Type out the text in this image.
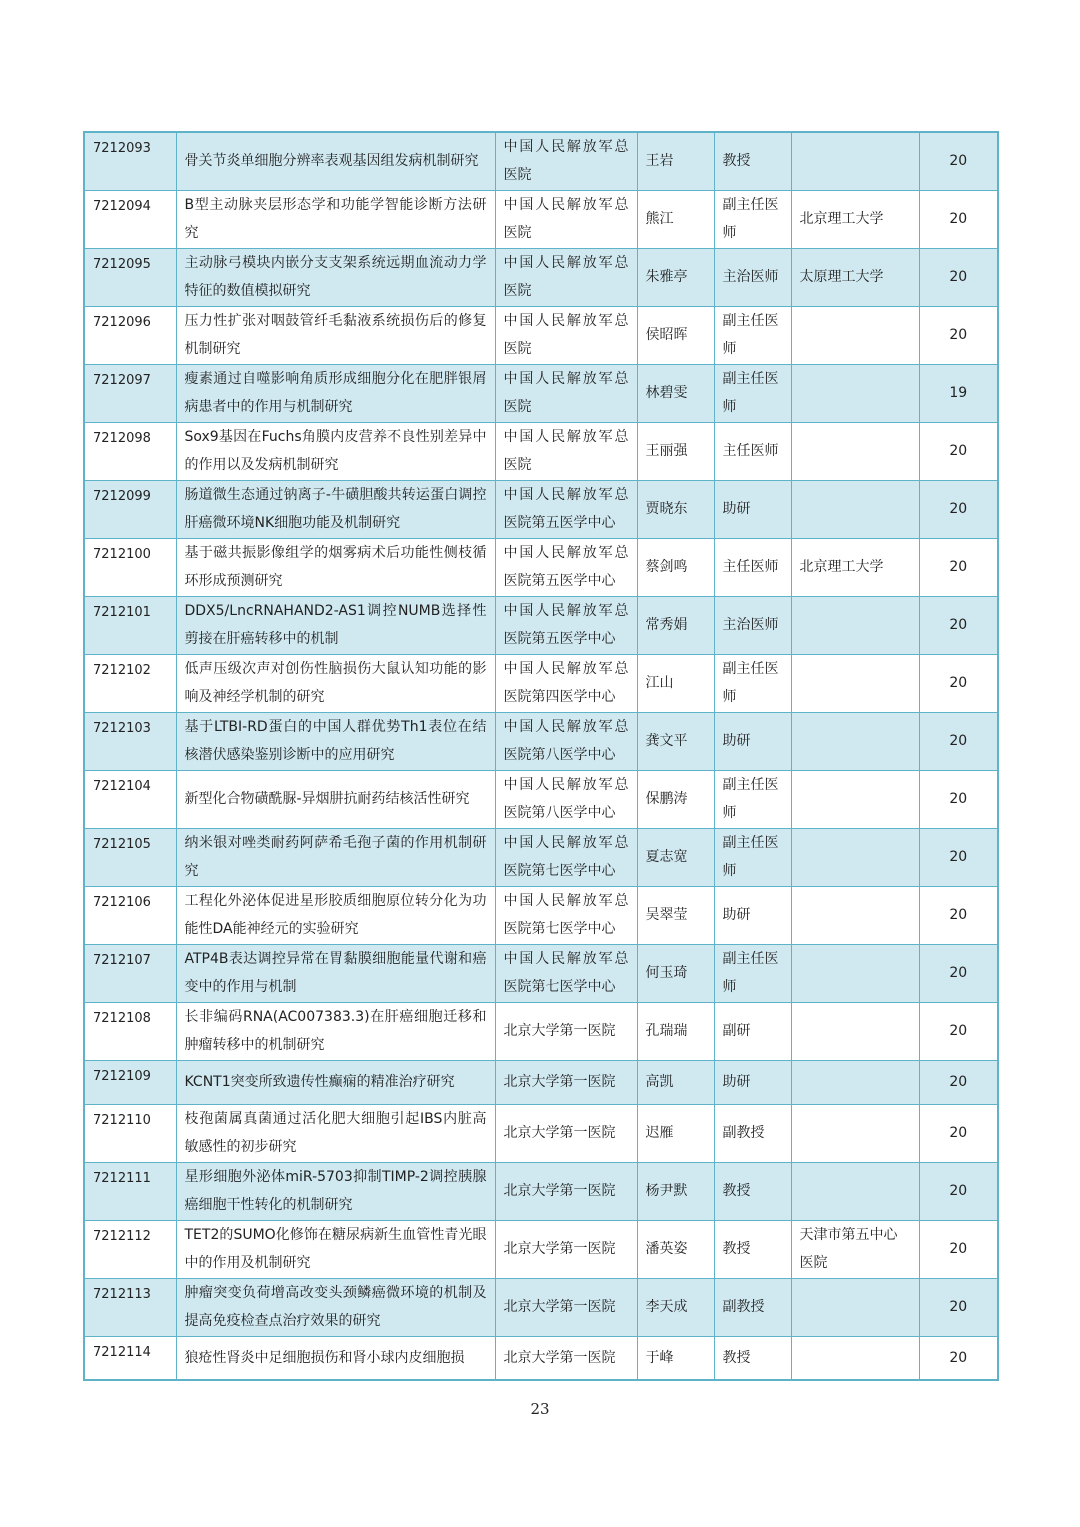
7212093	骨关节炎单细胞分辨率表观基因组发病机制研究	中国人民解放军总医院	王岩	教授		20
7212094	B型主动脉夹层形态学和功能学智能诊断方法研究	中国人民解放军总医院	熊江	副主任医师	北京理工大学	20
7212095	主动脉弓模块内嵌分支支架系统远期血流动力学特征的数值模拟研究	中国人民解放军总医院	朱雅亭	主治医师	太原理工大学	20
7212096	压力性扩张对咽鼓管纤毛黏液系统损伤后的修复机制研究	中国人民解放军总医院	侯昭晖	副主任医师		20
7212097	瘦素通过自噬影响角质形成细胞分化在肥胖银屑病患者中的作用与机制研究	中国人民解放军总医院	林碧雯	副主任医师		19
7212098	Sox9基因在Fuchs角膜内皮营养不良性别差异中的作用以及发病机制研究	中国人民解放军总医院	王丽强	主任医师		20
7212099	肠道微生态通过钠离子-牛磺胆酸共转运蛋白调控肝癌微环境NK细胞功能及机制研究	中国人民解放军总医院第五医学中心	贾晓东	助研		20
7212100	基于磁共振影像组学的烟雾病术后功能性侧枝循环形成预测研究	中国人民解放军总医院第五医学中心	蔡剑鸣	主任医师	北京理工大学	20
7212101	DDX5/LncRNAHAND2-AS1调控NUMB选择性剪接在肝癌转移中的机制	中国人民解放军总医院第五医学中心	常秀娟	主治医师		20
7212102	低声压级次声对创伤性脑损伤大鼠认知功能的影响及神经学机制的研究	中国人民解放军总医院第四医学中心	江山	副主任医师		20
7212103	基于LTBI-RD蛋白的中国人群优势Th1表位在结核潜伏感染鉴别诊断中的应用研究	中国人民解放军总医院第八医学中心	龚文平	助研		20
7212104	新型化合物磺酰脲-异烟肼抗耐药结核活性研究	中国人民解放军总医院第八医学中心	保鹏涛	副主任医师		20
7212105	纳米银对唑类耐药阿萨希毛孢子菌的作用机制研究	中国人民解放军总医院第七医学中心	夏志宽	副主任医师		20
7212106	工程化外泌体促进星形胶质细胞原位转分化为功能性DA能神经元的实验研究	中国人民解放军总医院第七医学中心	吴翠莹	助研		20
7212107	ATP4B表达调控异常在胃黏膜细胞能量代谢和癌变中的作用与机制	中国人民解放军总医院第七医学中心	何玉琦	副主任医师		20
7212108	长非编码RNA(AC007383.3)在肝癌细胞迁移和肿瘤转移中的机制研究	北京大学第一医院	孔瑞瑞	副研		20
7212109	KCNT1突变所致遗传性癫痫的精准治疗研究	北京大学第一医院	高凯	助研		20
7212110	枝孢菌属真菌通过活化肥大细胞引起IBS内脏高敏感性的初步研究	北京大学第一医院	迟雁	副教授		20
7212111	星形细胞外泌体miR-5703抑制TIMP-2调控胰腺癌细胞干性转化的机制研究	北京大学第一医院	杨尹默	教授		20
7212112	TET2的SUMO化修饰在糖尿病新生血管性青光眼中的作用及机制研究	北京大学第一医院	潘英姿	教授	天津市第五中心医院	20
7212113	肿瘤突变负荷增高改变头颈鳞癌微环境的机制及提高免疫检查点治疗效果的研究	北京大学第一医院	李天成	副教授		20
7212114	狼疮性肾炎中足细胞损伤和肾小球内皮细胞损	北京大学第一医院	于峰	教授		20
23
